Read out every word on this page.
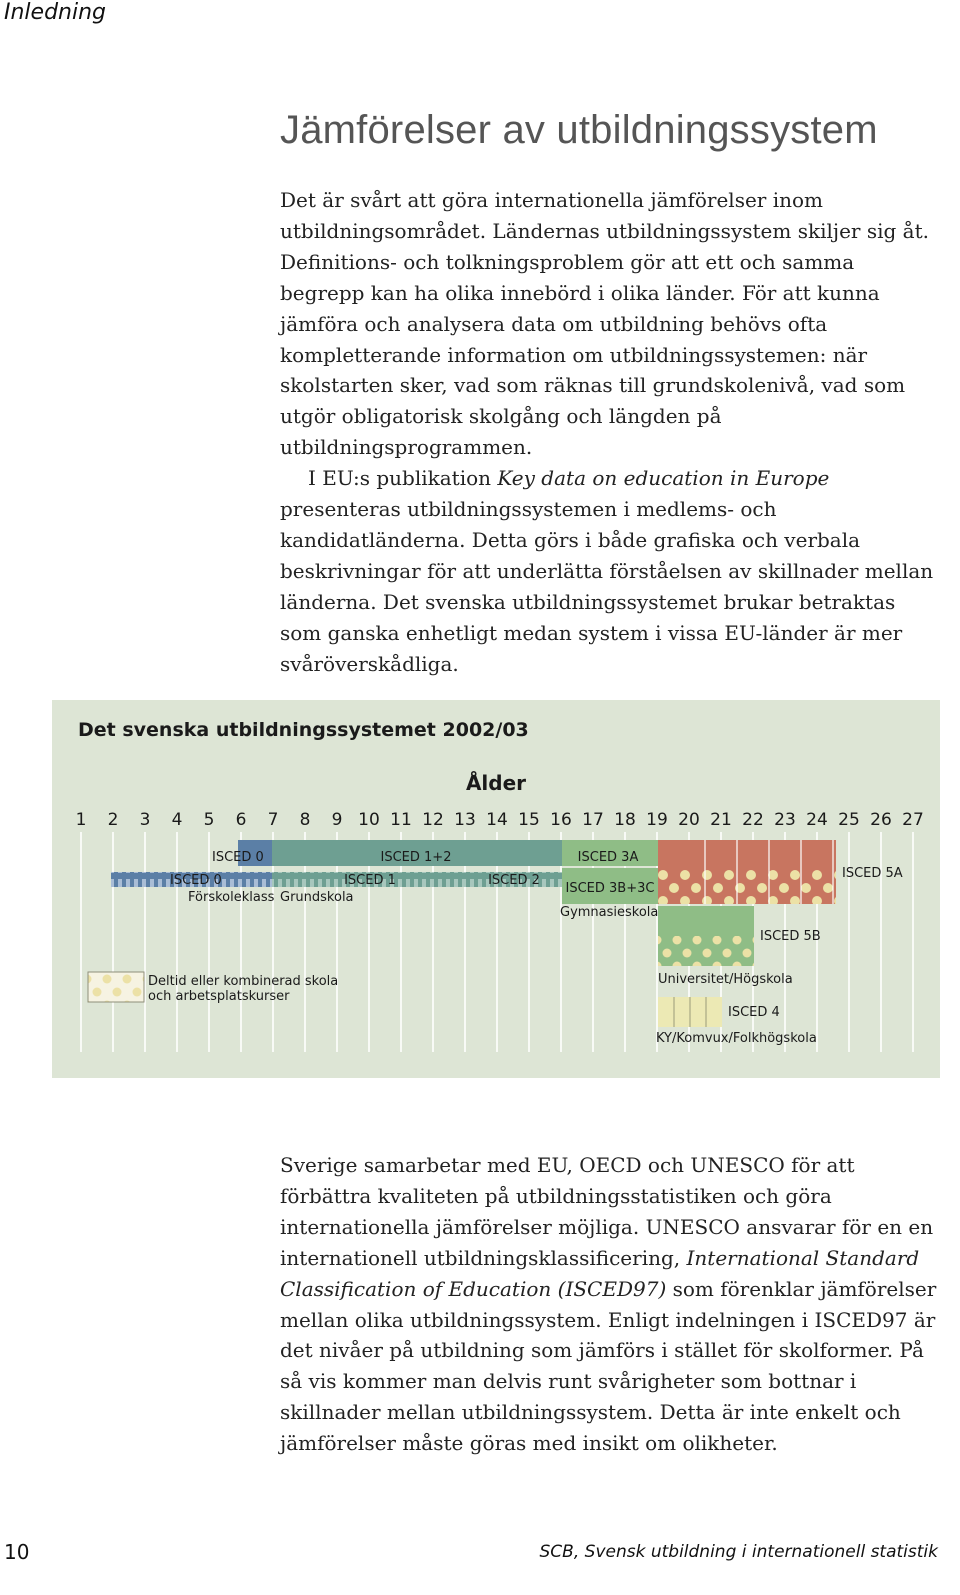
Inledning
Jämförelser av utbildningssystem

Det är svårt att göra internationella jämförelser inom utbildningsområdet. Ländernas utbildningssystem skiljer sig åt. Definitions- och tolkningsproblem gör att ett och samma begrepp kan ha olika innebörd i olika länder. För att kunna jämföra och analysera data om utbildning behövs ofta kompletterande information om utbildningssystemen: när skolstarten sker, vad som räknas till grundskolenivå, vad som utgör obligatorisk skolgång och längden på utbildningsprogrammen.

I EU:s publikation Key data on education in Europe presenteras utbildningssystemen i medlems- och kandidatländerna. Detta görs i både grafiska och verbala beskrivningar för att underlätta förståelsen av skillnader mellan länderna. Det svenska utbildningssystemet brukar betraktas som ganska enhetligt medan system i vissa EU-länder är mer svåröverskådliga.

Ålder
1 2 3 4 5 6 7 8 9 10 11 12 13 14 15 16 17 18 19 20 21 22 23 24 25 26 27
ISCED 0	ISCED 1+2	ISCED 3A
ISCED 0	ISCED 1	ISCED 2
ISCED 3B+3C
ISCED 5A
ISCED 5B
ISCED 4
Förskoleklass Grundskola
Gymnasieskola
Universitet/Högskola
KY/Komvux/Folkhögskola
Deltid eller kombinerad skola
och arbetsplatskurser
Det svenska utbildningssystemet 2002/03

Sverige samarbetar med EU, OECD och UNESCO för att förbättra kvaliteten på utbildningsstatistiken och göra internationella jämförelser möjliga. UNESCO ansvarar för en en internationell utbildningsklassificering, International Standard Classification of Education (ISCED97) som förenklar jämförelser mellan olika utbildningssystem. Enligt indelningen i ISCED97 är det nivåer på utbildning som jämförs i stället för skolformer. På så vis kommer man delvis runt svårigheter som bottnar i skillnader mellan utbildningssystem. Detta är inte enkelt och jämförelser måste göras med insikt om olikheter.

10	SCB, Svensk utbildning i internationell statistik
